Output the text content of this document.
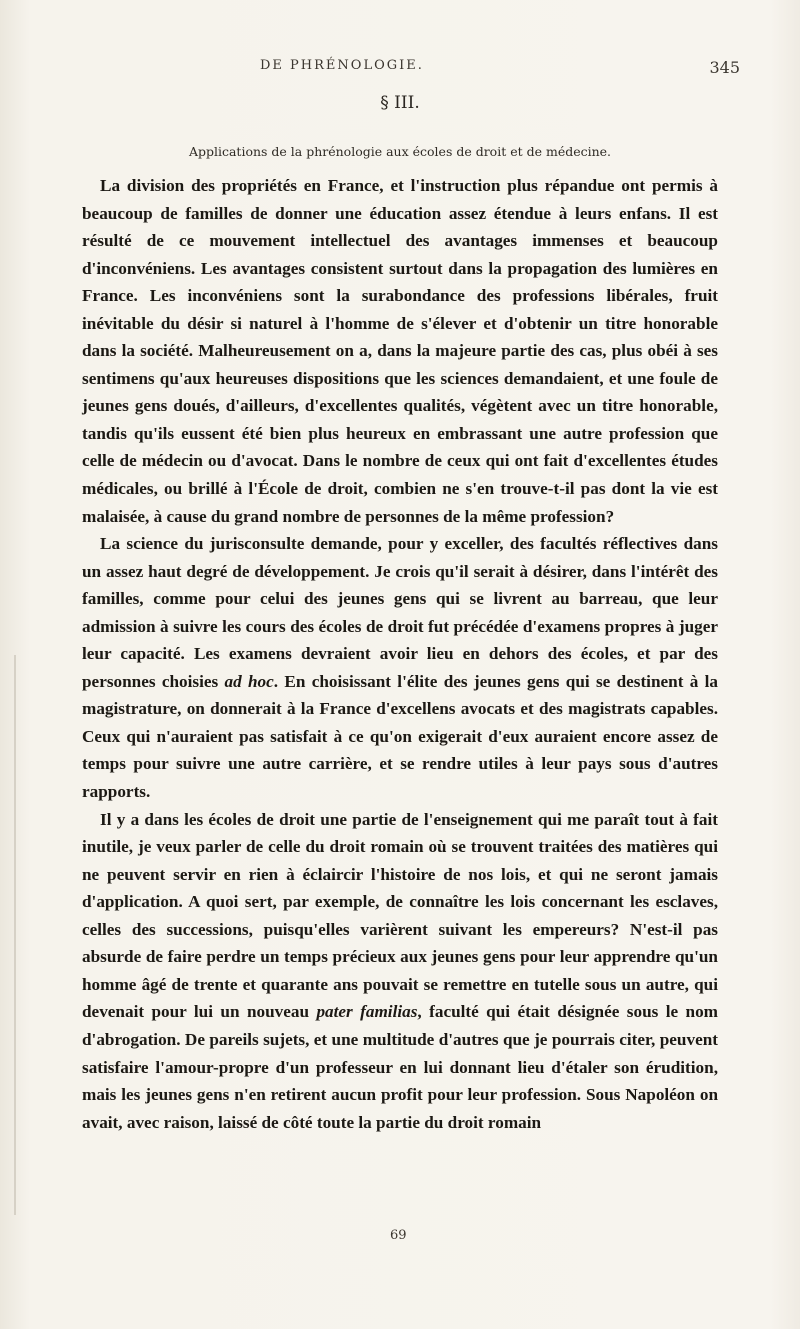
DE PHRÉNOLOGIE.	345
§ III.
Applications de la phrénologie aux écoles de droit et de médecine.

La division des propriétés en France, et l'instruction plus répandue ont permis à beaucoup de familles de donner une éducation assez étendue à leurs enfans. Il est résulté de ce mouvement intellectuel des avantages immenses et beaucoup d'inconvéniens. Les avantages consistent surtout dans la propagation des lumières en France. Les inconvéniens sont la surabondance des professions libérales, fruit inévitable du désir si naturel à l'homme de s'élever et d'obtenir un titre honorable dans la société. Malheureusement on a, dans la majeure partie des cas, plus obéi à ses sentimens qu'aux heureuses dispositions que les sciences demandaient, et une foule de jeunes gens doués, d'ailleurs, d'excellentes qualités, végètent avec un titre honorable, tandis qu'ils eussent été bien plus heureux en embrassant une autre profession que celle de médecin ou d'avocat. Dans le nombre de ceux qui ont fait d'excellentes études médicales, ou brillé à l'École de droit, combien ne s'en trouve-t-il pas dont la vie est malaisée, à cause du grand nombre de personnes de la même profession?

La science du jurisconsulte demande, pour y exceller, des facultés réflectives dans un assez haut degré de développement. Je crois qu'il serait à désirer, dans l'intérêt des familles, comme pour celui des jeunes gens qui se livrent au barreau, que leur admission à suivre les cours des écoles de droit fut précédée d'examens propres à juger leur capacité. Les examens devraient avoir lieu en dehors des écoles, et par des personnes choisies ad hoc. En choisissant l'élite des jeunes gens qui se destinent à la magistrature, on donnerait à la France d'excellens avocats et des magistrats capables. Ceux qui n'auraient pas satisfait à ce qu'on exigerait d'eux auraient encore assez de temps pour suivre une autre carrière, et se rendre utiles à leur pays sous d'autres rapports.

Il y a dans les écoles de droit une partie de l'enseignement qui me paraît tout à fait inutile, je veux parler de celle du droit romain où se trouvent traitées des matières qui ne peuvent servir en rien à éclaircir l'histoire de nos lois, et qui ne seront jamais d'application. A quoi sert, par exemple, de connaître les lois concernant les esclaves, celles des successions, puisqu'elles varièrent suivant les empereurs? N'est-il pas absurde de faire perdre un temps précieux aux jeunes gens pour leur apprendre qu'un homme âgé de trente et quarante ans pouvait se remettre en tutelle sous un autre, qui devenait pour lui un nouveau pater familias, faculté qui était désignée sous le nom d'abrogation. De pareils sujets, et une multitude d'autres que je pourrais citer, peuvent satisfaire l'amour-propre d'un professeur en lui donnant lieu d'étaler son érudition, mais les jeunes gens n'en retirent aucun profit pour leur profession. Sous Napoléon on avait, avec raison, laissé de côté toute la partie du droit romain

69
